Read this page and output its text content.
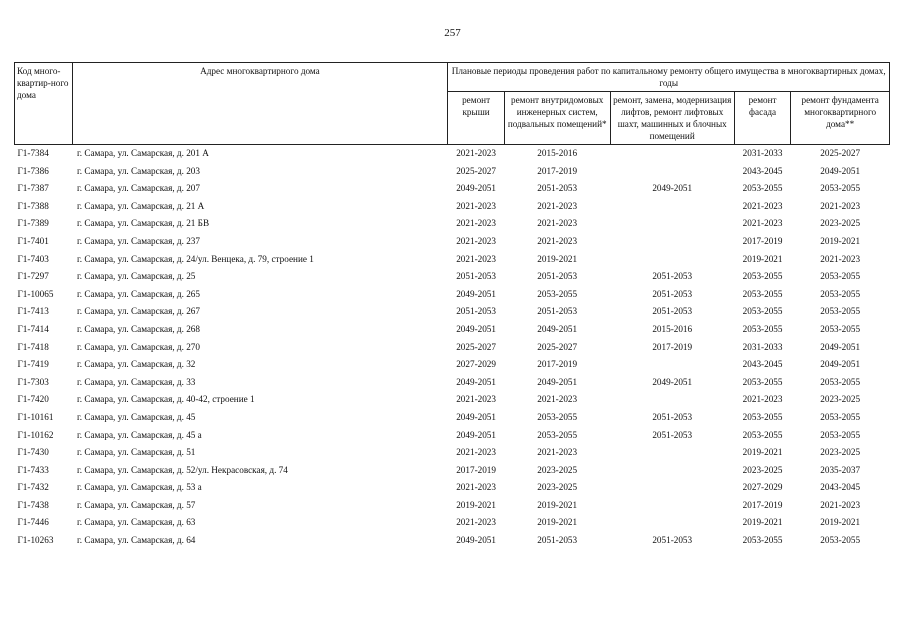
257
Код много-квартир-ного дома	Адрес многоквартирного дома	Плановые периоды проведения работ по капитальному ремонту общего имущества в многоквартирных домах, годы				
		ремонт крыши	ремонт внутридомовых инженерных систем, подвальных помещений*	ремонт, замена, модернизация лифтов, ремонт лифтовых шахт, машинных и блочных помещений	ремонт фасада	ремонт фундамента многоквартирного дома**
Г1-7384	г. Самара, ул. Самарская, д. 201 А	2021-2023	2015-2016		2031-2033	2025-2027
Г1-7386	г. Самара, ул. Самарская, д. 203	2025-2027	2017-2019		2043-2045	2049-2051
Г1-7387	г. Самара, ул. Самарская, д. 207	2049-2051	2051-2053	2049-2051	2053-2055	2053-2055
Г1-7388	г. Самара, ул. Самарская, д. 21 А	2021-2023	2021-2023		2021-2023	2021-2023
Г1-7389	г. Самара, ул. Самарская, д. 21 БВ	2021-2023	2021-2023		2021-2023	2023-2025
Г1-7401	г. Самара, ул. Самарская, д. 237	2021-2023	2021-2023		2017-2019	2019-2021
Г1-7403	г. Самара, ул. Самарская, д. 24/ул. Венцека, д. 79, строение 1	2021-2023	2019-2021		2019-2021	2021-2023
Г1-7297	г. Самара, ул. Самарская, д. 25	2051-2053	2051-2053	2051-2053	2053-2055	2053-2055
Г1-10065	г. Самара, ул. Самарская, д. 265	2049-2051	2053-2055	2051-2053	2053-2055	2053-2055
Г1-7413	г. Самара, ул. Самарская, д. 267	2051-2053	2051-2053	2051-2053	2053-2055	2053-2055
Г1-7414	г. Самара, ул. Самарская, д. 268	2049-2051	2049-2051	2015-2016	2053-2055	2053-2055
Г1-7418	г. Самара, ул. Самарская, д. 270	2025-2027	2025-2027	2017-2019	2031-2033	2049-2051
Г1-7419	г. Самара, ул. Самарская, д. 32	2027-2029	2017-2019		2043-2045	2049-2051
Г1-7303	г. Самара, ул. Самарская, д. 33	2049-2051	2049-2051	2049-2051	2053-2055	2053-2055
Г1-7420	г. Самара, ул. Самарская, д. 40-42, строение 1	2021-2023	2021-2023		2021-2023	2023-2025
Г1-10161	г. Самара, ул. Самарская, д. 45	2049-2051	2053-2055	2051-2053	2053-2055	2053-2055
Г1-10162	г. Самара, ул. Самарская, д. 45 а	2049-2051	2053-2055	2051-2053	2053-2055	2053-2055
Г1-7430	г. Самара, ул. Самарская, д. 51	2021-2023	2021-2023		2019-2021	2023-2025
Г1-7433	г. Самара, ул. Самарская, д. 52/ул. Некрасовская, д. 74	2017-2019	2023-2025		2023-2025	2035-2037
Г1-7432	г. Самара, ул. Самарская, д. 53 а	2021-2023	2023-2025		2027-2029	2043-2045
Г1-7438	г. Самара, ул. Самарская, д. 57	2019-2021	2019-2021		2017-2019	2021-2023
Г1-7446	г. Самара, ул. Самарская, д. 63	2021-2023	2019-2021		2019-2021	2019-2021
Г1-10263	г. Самара, ул. Самарская, д. 64	2049-2051	2051-2053	2051-2053	2053-2055	2053-2055
